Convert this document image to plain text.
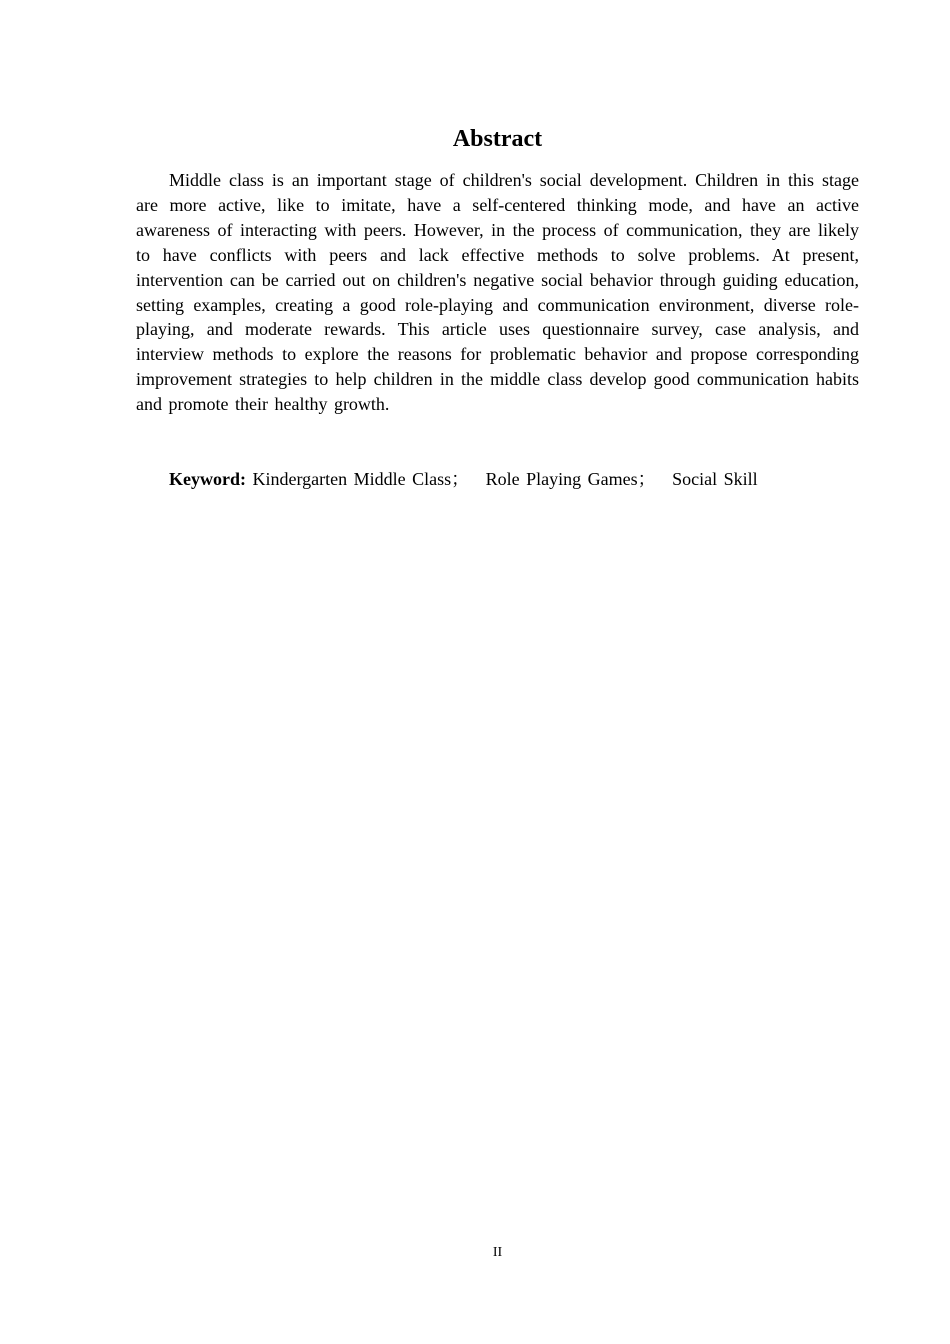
Abstract

Middle class is an important stage of children's social development. Children in this stage are more active, like to imitate, have a self-centered thinking mode, and have an active awareness of interacting with peers. However, in the process of communication, they are likely to have conflicts with peers and lack effective methods to solve problems. At present, intervention can be carried out on children's negative social behavior through guiding education, setting examples, creating a good role-playing and communication environment, diverse role-playing, and moderate rewards. This article uses questionnaire survey, case analysis, and interview methods to explore the reasons for problematic behavior and propose corresponding improvement strategies to help children in the middle class develop good communication habits and promote their healthy growth.

Keyword: Kindergarten Middle Class； Role Playing Games； Social Skill

II
